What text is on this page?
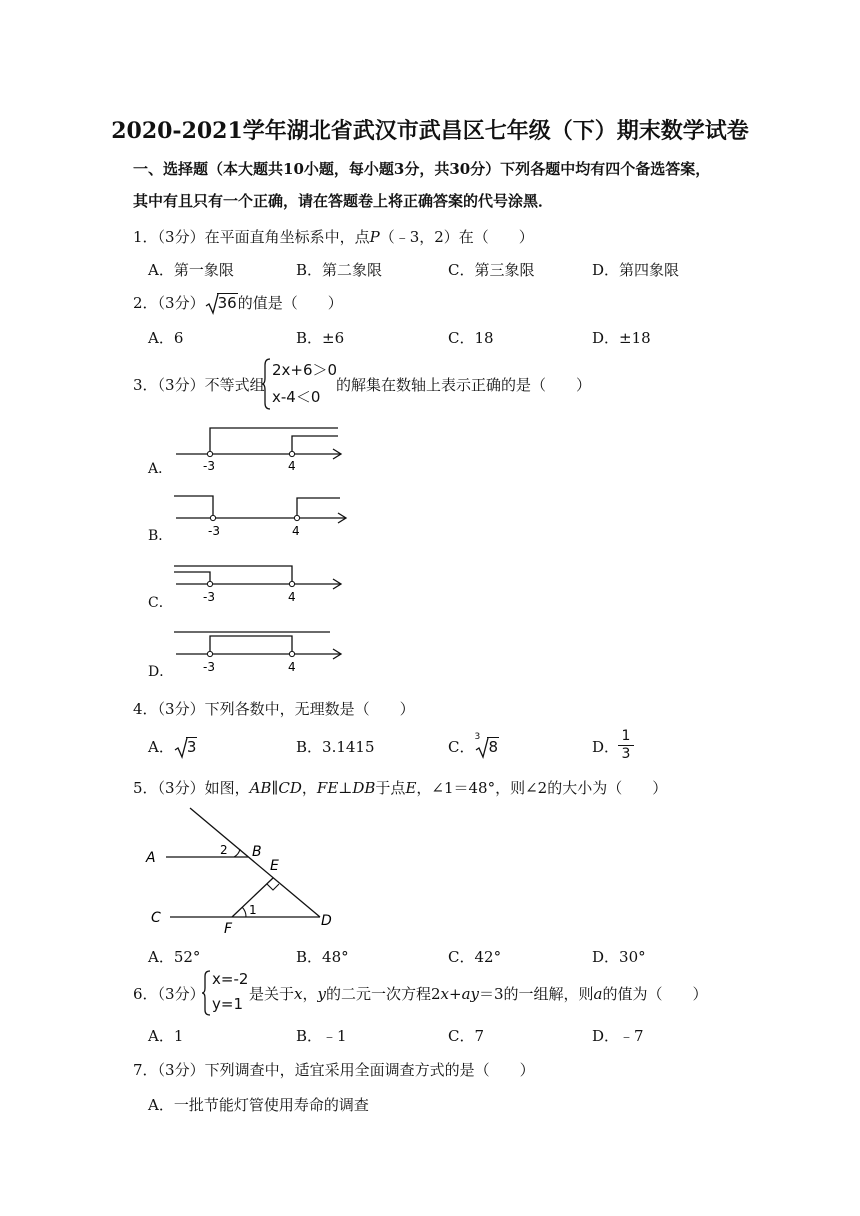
2020-2021学年湖北省武汉市武昌区七年级（下）期末数学试卷
一、选择题（本大题共10小题，每小题3分，共30分）下列各题中均有四个备选答案，
其中有且只有一个正确，请在答题卷上将正确答案的代号涂黑．
1．（3分）在平面直角坐标系中，点P（﹣3，2）在（　　）
A．第一象限	B．第二象限	C．第三象限	D．第四象限
2．（3分） 36的值是（　　）
A．6	B．±6	C．18	D．±18
3．（3分）不等式组
2x+6＞0
x-4＜0
的解集在数轴上表示正确的是（　　）
A．	-3	4
B．	-3	4
C．	-3	4
D． -3	4
4．（3分）下列各数中，无理数是（　　）
A． 3	B．3.1415	C．
3
8	D．
1
3
5．（3分）如图，AB∥CD，FE⊥DB于点E，∠1＝48°，则∠2的大小为（　　）
A	B
C	D
E
F
1
2
A．52°	B．48°	C．42°	D．30°
6．（3分）
x=-2
y=1
是关于x，y的二元一次方程2x+ay＝3的一组解，则a的值为（　　）
A．1	B．﹣1	C．7	D．﹣7
7．（3分）下列调查中，适宜采用全面调查方式的是（　　）
A．一批节能灯管使用寿命的调查
